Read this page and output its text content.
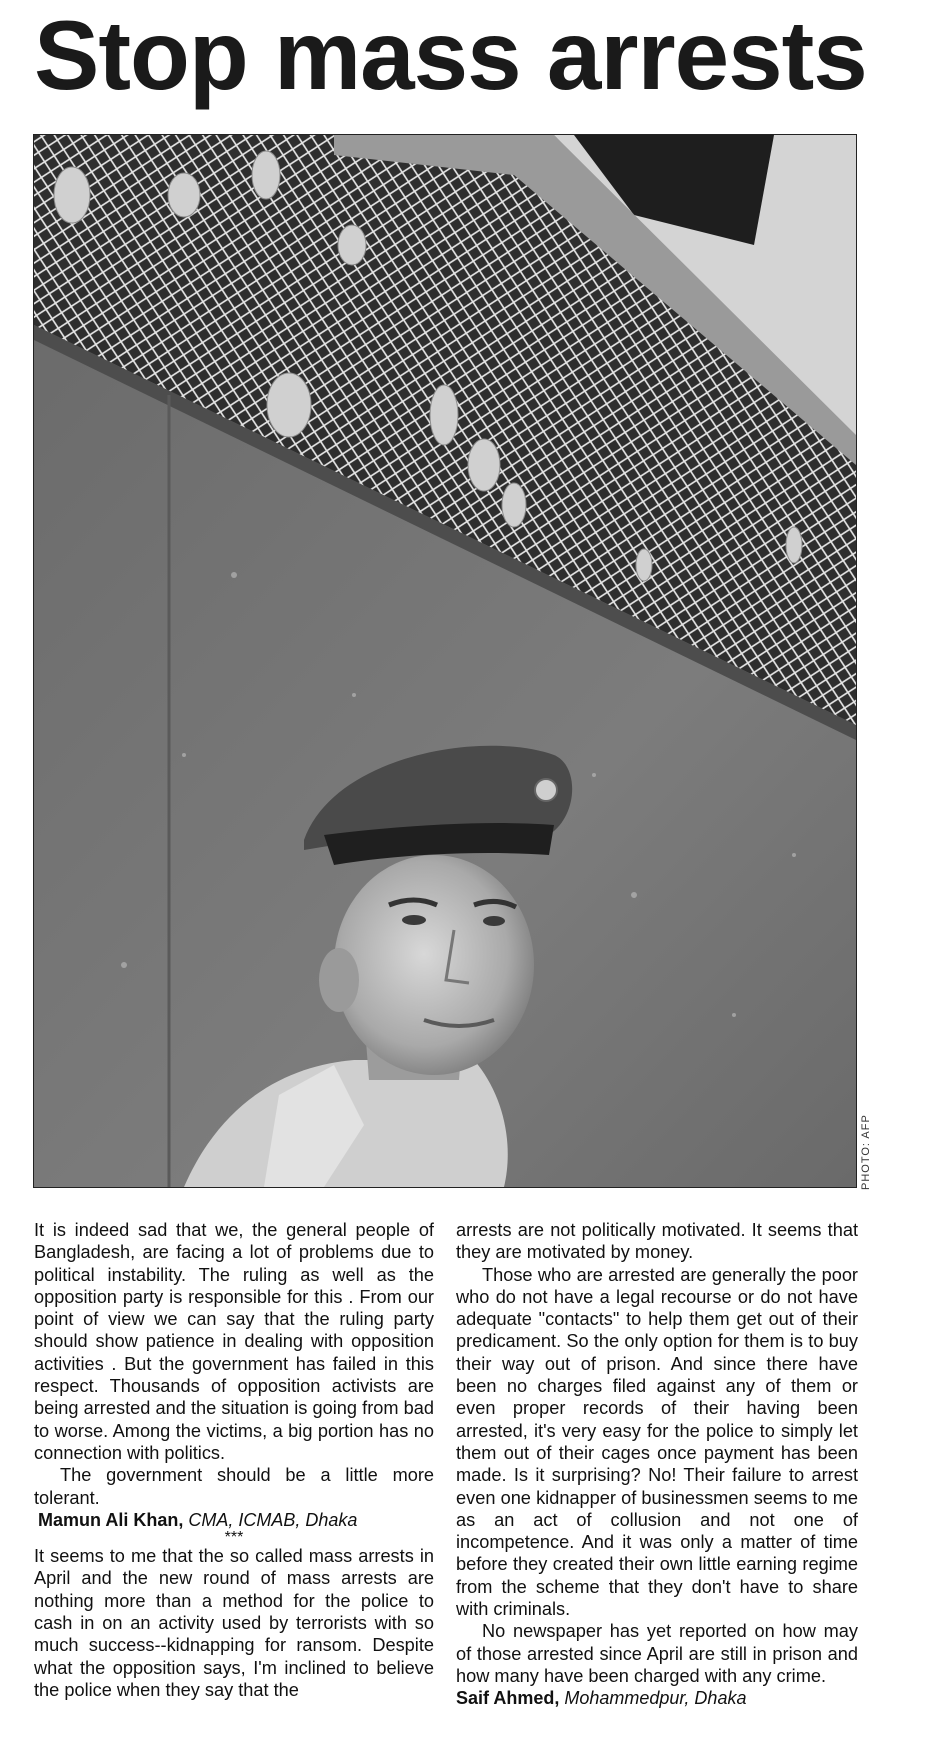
Stop mass arrests
PHOTO: AFP

It is indeed sad that we, the general people of Bangladesh, are facing a lot of problems due to political instability. The ruling as well as the opposition party is responsible for this . From our point of view we can say that the ruling party should show patience in dealing with opposition activities . But the government has failed in this respect. Thousands of opposition activists are being arrested and the situation is going from bad to worse. Among the victims, a big portion has no connection with politics.

The government should be a little more tolerant.

Mamun Ali Khan, CMA, ICMAB, Dhaka

***

It seems to me that the so called mass arrests in April and the new round of mass arrests are nothing more than a method for the police to cash in on an activity used by terrorists with so much success--kidnapping for ransom. Despite what the opposition says, I'm inclined to believe the police when they say that the

arrests are not politically motivated. It seems that they are motivated by money.

Those who are arrested are generally the poor who do not have a legal recourse or do not have adequate "contacts" to help them get out of their predicament. So the only option for them is to buy their way out of prison. And since there have been no charges filed against any of them or even proper records of their having been arrested, it's very easy for the police to simply let them out of their cages once payment has been made. Is it surprising? No! Their failure to arrest even one kidnapper of businessmen seems to me as an act of collusion and not one of incompetence. And it was only a matter of time before they created their own little earning regime from the scheme that they don't have to share with criminals.

No newspaper has yet reported on how may of those arrested since April are still in prison and how many have been charged with any crime.

Saif Ahmed, Mohammedpur, Dhaka
